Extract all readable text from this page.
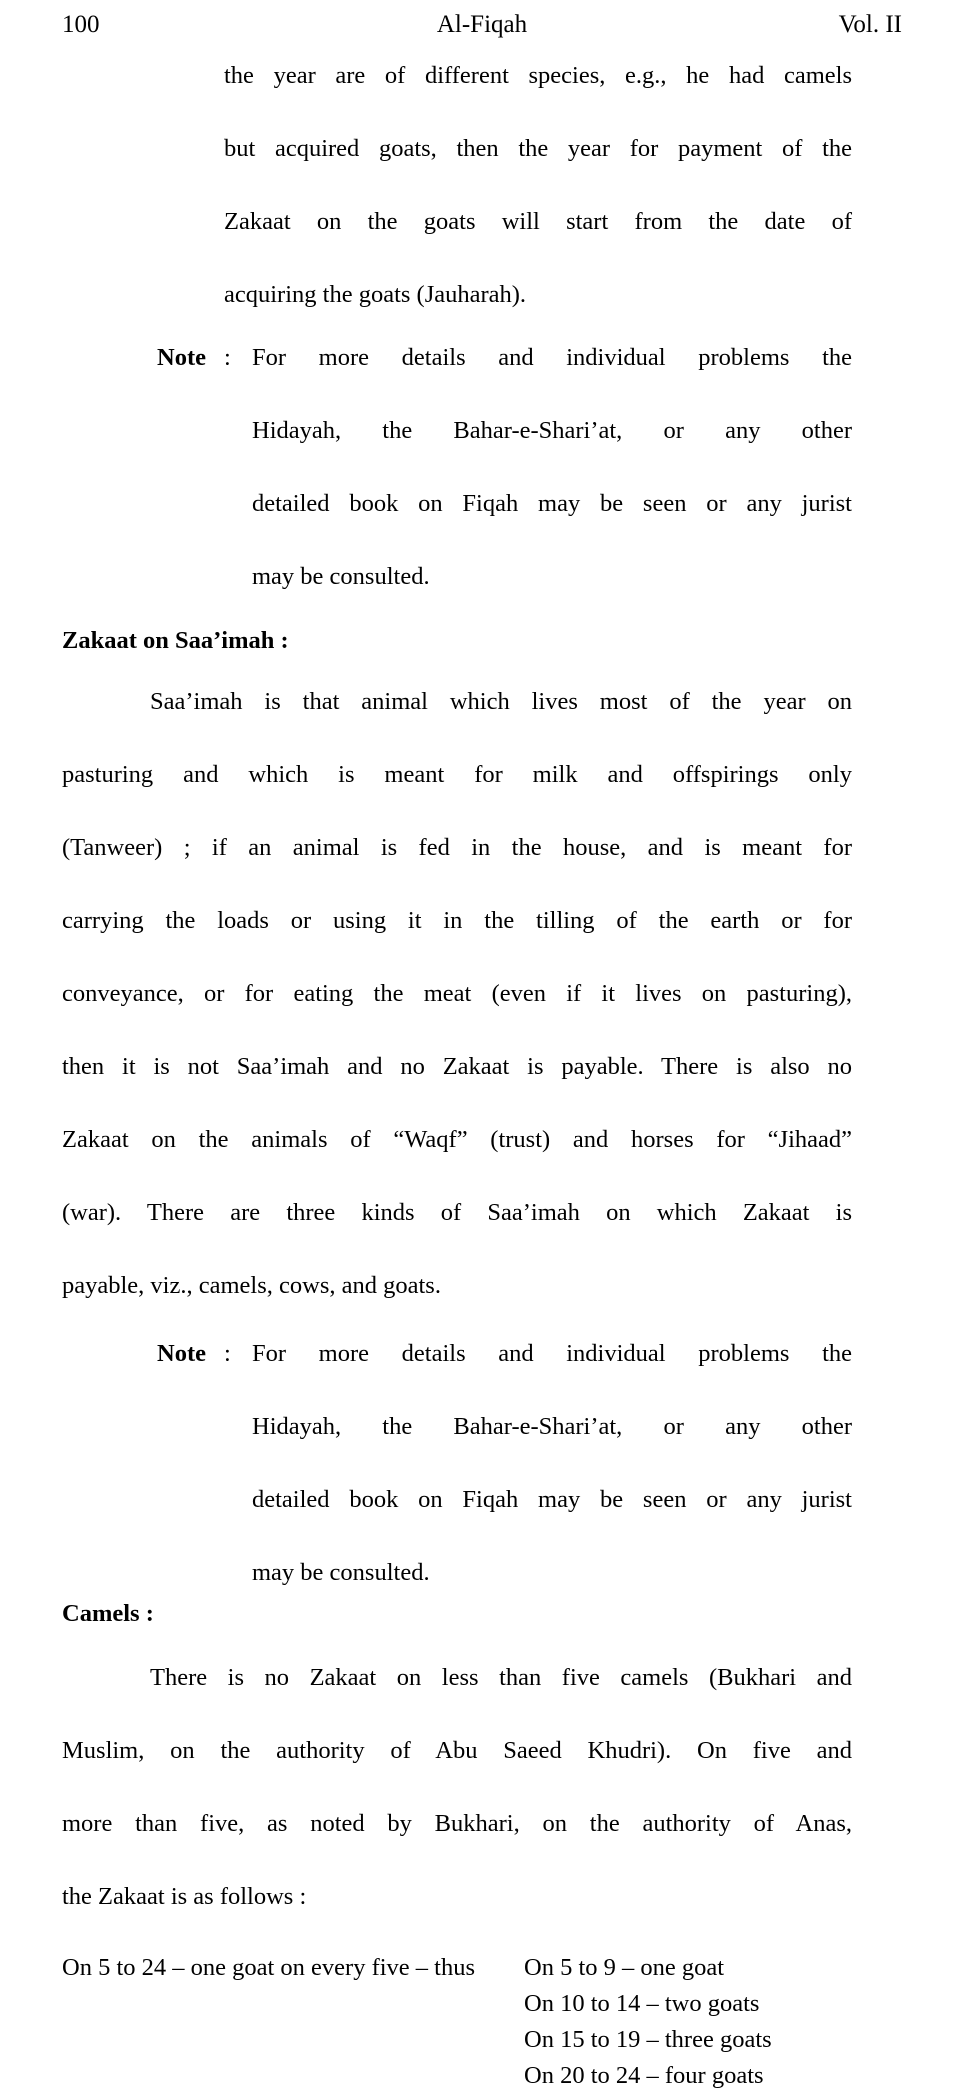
100	Al-Fiqah	Vol. II

the year are of different species, e.g., he had camels

but acquired goats, then the year for payment of the

Zakaat on the goats will start from the date of

acquiring the goats (Jauharah).

Note : For more details and individual problems the

Hidayah, the Bahar-e-Shari’at, or any other

detailed book on Fiqah may be seen or any jurist

may be consulted.

Zakaat on Saa’imah :

Saa’imah is that animal which lives most of the year on

pasturing and which is meant for milk and offspirings only

(Tanweer) ; if an animal is fed in the house, and is meant for

carrying the loads or using it in the tilling of the earth or for

conveyance, or for eating the meat (even if it lives on pasturing),

then it is not Saa’imah and no Zakaat is payable. There is also no

Zakaat on the animals of “Waqf” (trust) and horses for “Jihaad”

(war). There are three kinds of Saa’imah on which Zakaat is

payable, viz., camels, cows, and goats.

Note : For more details and individual problems the

Hidayah, the Bahar-e-Shari’at, or any other

detailed book on Fiqah may be seen or any jurist

may be consulted.

Camels :

There is no Zakaat on less than five camels (Bukhari and

Muslim, on the authority of Abu Saeed Khudri). On five and

more than five, as noted by Bukhari, on the authority of Anas,

the Zakaat is as follows :

On 5 to 24 – one goat on every five – thus	On 5 to 9 – one goat
On 10 to 14 – two goats
On 15 to 19 – three goats
On 20 to 24 – four goats
